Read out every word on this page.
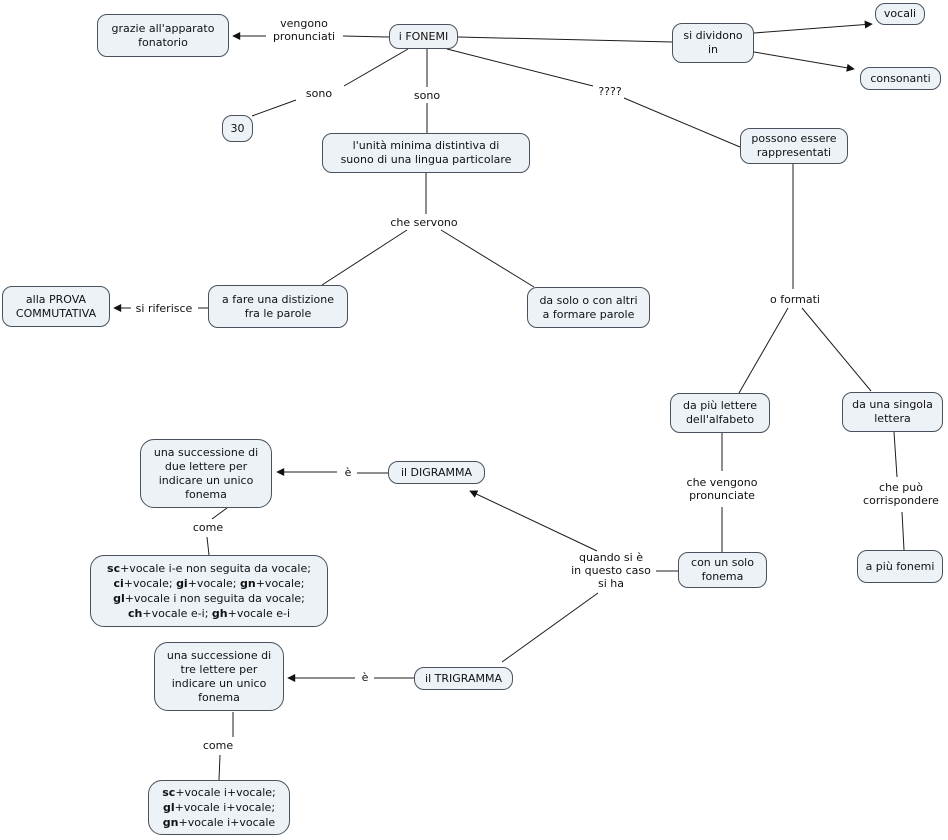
grazie all'apparato
fonatorio	i FONEMI	si dividono
in
vocali
consonanti
30
l'unità minima distintiva di
suono di una lingua particolare
alla PROVA
COMMUTATIVA
a fare una distizione
fra le parole
da solo o con altri
a formare parole
possono essere
rappresentati
da più lettere
dell'alfabeto
da una singola
lettera
con un solo
fonema
a più fonemi
una successione di
due lettere per
indicare un unico
fonema
il DIGRAMMA
sc+vocale i-e non seguita da vocale;
ci+vocale; gi+vocale; gn+vocale;
gl+vocale i non seguita da vocale;
ch+vocale e-i; gh+vocale e-i
una successione di
tre lettere per
indicare un unico
fonema
il TRIGRAMMA
sc+vocale i+vocale;
gl+vocale i+vocale;
gn+vocale i+vocale
vengono
pronunciati
sono	sono	????
che servono
si riferisce
o formati
che vengono
pronunciate
che può
corrispondere
è
è
come
come
quando si è
in questo caso
si ha
